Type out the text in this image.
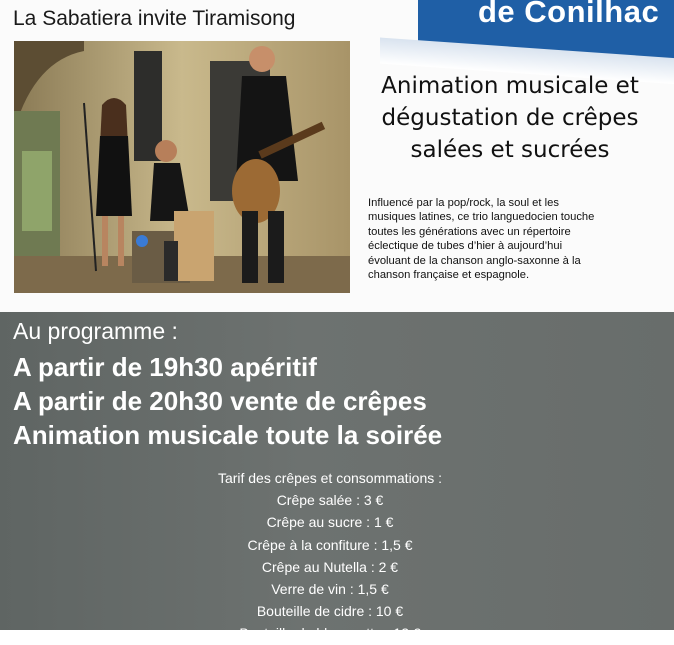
de Conilhac
La Sabatiera invite Tiramisong
Animation musicale et
dégustation de crêpes
salées et sucrées
Influencé par la pop/rock, la soul et les
musiques latines, ce trio languedocien touche
toutes les générations avec un répertoire
éclectique de tubes d’hier à aujourd’hui
évoluant de la chanson anglo-saxonne à la
chanson française et espagnole.
Au programme :
A partir de 19h30 apéritif
A partir de 20h30 vente de crêpes
Animation musicale toute la soirée
Tarif des crêpes et consommations :
Crêpe salée : 3 €
Crêpe au sucre : 1 €
Crêpe à la confiture : 1,5 €
Crêpe au Nutella : 2 €
Verre de vin : 1,5 €
Bouteille de cidre : 10 €
Bouteille de blanquette : 12 €
